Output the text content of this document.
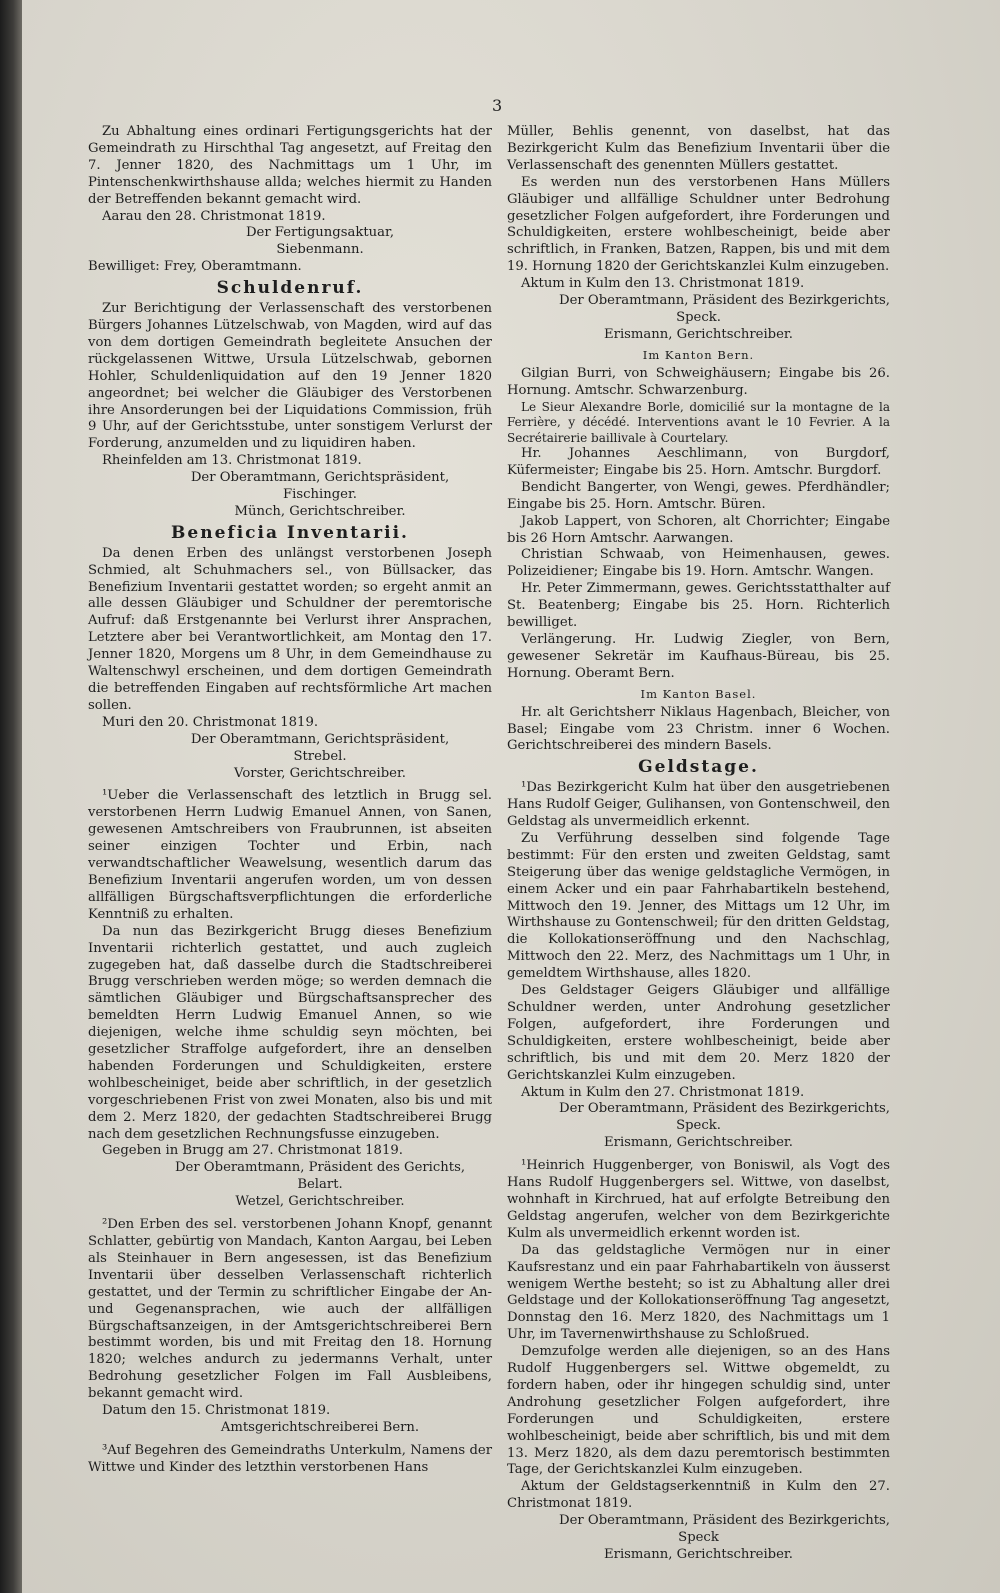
3

Zu Abhaltung eines ordinari Fertigungsgerichts hat der Gemeindrath zu Hirschthal Tag angesetzt, auf Freitag den 7. Jenner 1820, des Nachmittags um 1 Uhr, im Pintenschenkwirthshause allda; welches hiermit zu Handen der Betreffenden bekannt gemacht wird.

Aarau den 28. Christmonat 1819.

Der Fertigungsaktuar,

Siebenmann.

Bewilliget: Frey, Oberamtmann.

Schuldenruf.

Zur Berichtigung der Verlassenschaft des verstorbenen Bürgers Johannes Lützelschwab, von Magden, wird auf das von dem dortigen Gemeindrath begleitete Ansuchen der rückgelassenen Wittwe, Ursula Lützelschwab, gebornen Hohler, Schuldenliquidation auf den 19 Jenner 1820 angeordnet; bei welcher die Gläubiger des Verstorbenen ihre Ansorderungen bei der Liquidations Commission, früh 9 Uhr, auf der Gerichtsstube, unter sonstigem Verlurst der Forderung, anzumelden und zu liquidiren haben.

Rheinfelden am 13. Christmonat 1819.

Der Oberamtmann, Gerichtspräsident,

Fischinger.

Münch, Gerichtschreiber.

Beneficia Inventarii.

Da denen Erben des unlängst verstorbenen Joseph Schmied, alt Schuhmachers sel., von Büllsacker, das Benefizium Inventarii gestattet worden; so ergeht anmit an alle dessen Gläubiger und Schuldner der peremtorische Aufruf: daß Erstgenannte bei Verlurst ihrer Ansprachen, Letztere aber bei Verantwortlichkeit, am Montag den 17. Jenner 1820, Morgens um 8 Uhr, in dem Gemeindhause zu Waltenschwyl erscheinen, und dem dortigen Gemeindrath die betreffenden Eingaben auf rechtsförmliche Art machen sollen.

Muri den 20. Christmonat 1819.

Der Oberamtmann, Gerichtspräsident,

Strebel.

Vorster, Gerichtschreiber.

¹Ueber die Verlassenschaft des letztlich in Brugg sel. verstorbenen Herrn Ludwig Emanuel Annen, von Sanen, gewesenen Amtschreibers von Fraubrunnen, ist abseiten seiner einzigen Tochter und Erbin, nach verwandtschaftlicher Weawelsung, wesentlich darum das Benefizium Inventarii angerufen worden, um von dessen allfälligen Bürgschaftsverpflichtungen die erforderliche Kenntniß zu erhalten.

Da nun das Bezirkgericht Brugg dieses Benefizium Inventarii richterlich gestattet, und auch zugleich zugegeben hat, daß dasselbe durch die Stadtschreiberei Brugg verschrieben werden möge; so werden demnach die sämtlichen Gläubiger und Bürgschaftsansprecher des bemeldten Herrn Ludwig Emanuel Annen, so wie diejenigen, welche ihme schuldig seyn möchten, bei gesetzlicher Straffolge aufgefordert, ihre an denselben habenden Forderungen und Schuldigkeiten, erstere wohlbescheiniget, beide aber schriftlich, in der gesetzlich vorgeschriebenen Frist von zwei Monaten, also bis und mit dem 2. Merz 1820, der gedachten Stadtschreiberei Brugg nach dem gesetzlichen Rechnungsfusse einzugeben.

Gegeben in Brugg am 27. Christmonat 1819.

Der Oberamtmann, Präsident des Gerichts,

Belart.

Wetzel, Gerichtschreiber.

²Den Erben des sel. verstorbenen Johann Knopf, genannt Schlatter, gebürtig von Mandach, Kanton Aargau, bei Leben als Steinhauer in Bern angesessen, ist das Benefizium Inventarii über desselben Verlassenschaft richterlich gestattet, und der Termin zu schriftlicher Eingabe der An- und Gegenansprachen, wie auch der allfälligen Bürgschaftsanzeigen, in der Amtsgerichtschreiberei Bern bestimmt worden, bis und mit Freitag den 18. Hornung 1820; welches andurch zu jedermanns Verhalt, unter Bedrohung gesetzlicher Folgen im Fall Ausbleibens, bekannt gemacht wird.

Datum den 15. Christmonat 1819.

Amtsgerichtschreiberei Bern.

³Auf Begehren des Gemeindraths Unterkulm, Namens der Wittwe und Kinder des letzthin verstorbenen Hans

Müller, Behlis genennt, von daselbst, hat das Bezirkgericht Kulm das Benefizium Inventarii über die Verlassenschaft des genennten Müllers gestattet.

Es werden nun des verstorbenen Hans Müllers Gläubiger und allfällige Schuldner unter Bedrohung gesetzlicher Folgen aufgefordert, ihre Forderungen und Schuldigkeiten, erstere wohlbescheinigt, beide aber schriftlich, in Franken, Batzen, Rappen, bis und mit dem 19. Hornung 1820 der Gerichtskanzlei Kulm einzugeben.

Aktum in Kulm den 13. Christmonat 1819.

Der Oberamtmann, Präsident des Bezirkgerichts,

Speck.

Erismann, Gerichtschreiber.

Im Kanton Bern.

Gilgian Burri, von Schweighäusern; Eingabe bis 26. Hornung. Amtschr. Schwarzenburg.

Le Sieur Alexandre Borle, domicilié sur la montagne de la Ferrière, y décédé. Interventions avant le 10 Fevrier. A la Secrétairerie baillivale à Courtelary.

Hr. Johannes Aeschlimann, von Burgdorf, Küfermeister; Eingabe bis 25. Horn. Amtschr. Burgdorf.

Bendicht Bangerter, von Wengi, gewes. Pferdhändler; Eingabe bis 25. Horn. Amtschr. Büren.

Jakob Lappert, von Schoren, alt Chorrichter; Eingabe bis 26 Horn Amtschr. Aarwangen.

Christian Schwaab, von Heimenhausen, gewes. Polizeidiener; Eingabe bis 19. Horn. Amtschr. Wangen.

Hr. Peter Zimmermann, gewes. Gerichtsstatthalter auf St. Beatenberg; Eingabe bis 25. Horn. Richterlich bewilliget.

Verlängerung. Hr. Ludwig Ziegler, von Bern, gewesener Sekretär im Kaufhaus-Büreau, bis 25. Hornung. Oberamt Bern.

Im Kanton Basel.

Hr. alt Gerichtsherr Niklaus Hagenbach, Bleicher, von Basel; Eingabe vom 23 Christm. inner 6 Wochen. Gerichtschreiberei des mindern Basels.

Geldstage.

¹Das Bezirkgericht Kulm hat über den ausgetriebenen Hans Rudolf Geiger, Gulihansen, von Gontenschweil, den Geldstag als unvermeidlich erkennt.

Zu Verführung desselben sind folgende Tage bestimmt: Für den ersten und zweiten Geldstag, samt Steigerung über das wenige geldstagliche Vermögen, in einem Acker und ein paar Fahrhabartikeln bestehend, Mittwoch den 19. Jenner, des Mittags um 12 Uhr, im Wirthshause zu Gontenschweil; für den dritten Geldstag, die Kollokationseröffnung und den Nachschlag, Mittwoch den 22. Merz, des Nachmittags um 1 Uhr, in gemeldtem Wirthshause, alles 1820.

Des Geldstager Geigers Gläubiger und allfällige Schuldner werden, unter Androhung gesetzlicher Folgen, aufgefordert, ihre Forderungen und Schuldigkeiten, erstere wohlbescheinigt, beide aber schriftlich, bis und mit dem 20. Merz 1820 der Gerichtskanzlei Kulm einzugeben.

Aktum in Kulm den 27. Christmonat 1819.

Der Oberamtmann, Präsident des Bezirkgerichts,

Speck.

Erismann, Gerichtschreiber.

¹Heinrich Huggenberger, von Boniswil, als Vogt des Hans Rudolf Huggenbergers sel. Wittwe, von daselbst, wohnhaft in Kirchrued, hat auf erfolgte Betreibung den Geldstag angerufen, welcher von dem Bezirkgerichte Kulm als unvermeidlich erkennt worden ist.

Da das geldstagliche Vermögen nur in einer Kaufsrestanz und ein paar Fahrhabartikeln von äusserst wenigem Werthe besteht; so ist zu Abhaltung aller drei Geldstage und der Kollokationseröffnung Tag angesetzt, Donnstag den 16. Merz 1820, des Nachmittags um 1 Uhr, im Tavernenwirthshause zu Schloßrued.

Demzufolge werden alle diejenigen, so an des Hans Rudolf Huggenbergers sel. Wittwe obgemeldt, zu fordern haben, oder ihr hingegen schuldig sind, unter Androhung gesetzlicher Folgen aufgefordert, ihre Forderungen und Schuldigkeiten, erstere wohlbescheinigt, beide aber schriftlich, bis und mit dem 13. Merz 1820, als dem dazu peremtorisch bestimmten Tage, der Gerichtskanzlei Kulm einzugeben.

Aktum der Geldstagserkenntniß in Kulm den 27. Christmonat 1819.

Der Oberamtmann, Präsident des Bezirkgerichts,

Speck

Erismann, Gerichtschreiber.
